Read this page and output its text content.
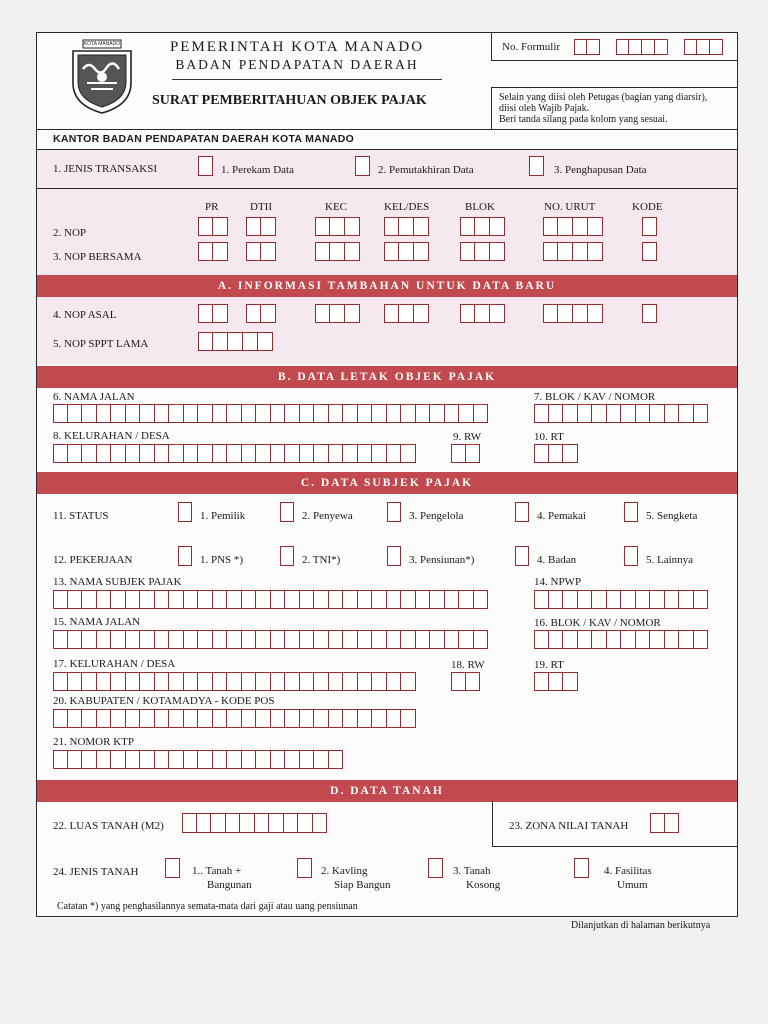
KOTA MANADO	PEMERINTAH KOTA MANADO
BADAN PENDAPATAN DAERAH
SURAT PEMBERITAHUAN OBJEK PAJAK
No. Formulir
Selain yang diisi oleh Petugas (bagian yang diarsir),
diisi oleh Wajib Pajak.
Beri tanda silang pada kolom yang sesuai.
KANTOR BADAN PENDAPATAN DAERAH KOTA MANADO
1. JENIS TRANSAKSI	1. Perekam Data	2. Pemutakhiran Data	3. Penghapusan Data
PR	DTII	KEC	KEL/DES	BLOK	NO. URUT	KODE
2. NOP
3. NOP BERSAMA
A. INFORMASI TAMBAHAN UNTUK DATA BARU
4. NOP ASAL
5. NOP SPPT LAMA
B. DATA LETAK OBJEK PAJAK
6. NAMA JALAN	7. BLOK / KAV / NOMOR
8. KELURAHAN / DESA	9. RW	10. RT
C. DATA SUBJEK PAJAK
11. STATUS	1. Pemilik	2. Penyewa	3. Pengelola	4. Pemakai	5. Sengketa
12. PEKERJAAN	1. PNS *)	2. TNI*)	3. Pensiunan*)	4. Badan	5. Lainnya
13. NAMA SUBJEK PAJAK	14. NPWP
15. NAMA JALAN	16. BLOK / KAV / NOMOR
17. KELURAHAN / DESA	18. RW	19. RT
20. KABUPATEN / KOTAMADYA - KODE POS
21. NOMOR KTP
D. DATA TANAH
22. LUAS TANAH (M2)	23. ZONA NILAI TANAH
24. JENIS TANAH	1.. Tanah +
Bangunan
2. Kavling
Siap Bangun
3. Tanah
Kosong
4. Fasilitas
Umum
Catatan *) yang penghasilannya semata-mata dari gaji atau uang pensiunan
Dilanjutkan di halaman berikutnya
